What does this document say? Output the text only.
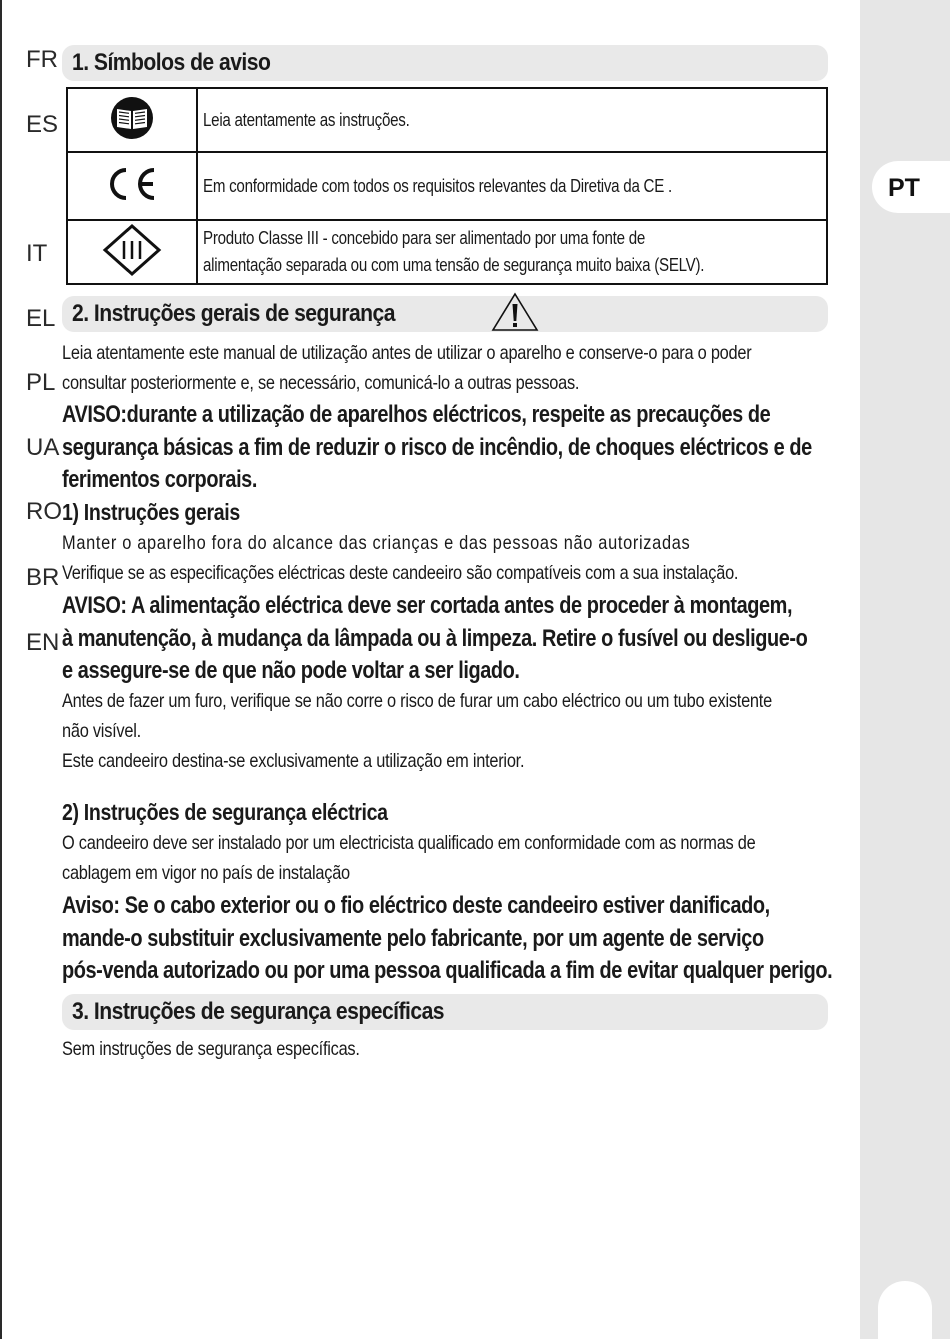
1. Símbolos de aviso

Leia atentamente as instruções.

Em conformidade com todos os requisitos relevantes da Diretiva da CE .

Produto Classe III - concebido para ser alimentado por uma fonte de
alimentação separada ou com uma tensão de segurança muito baixa (SELV).
2. Instruções gerais de segurança
Leia atentamente este manual de utilização antes de utilizar o aparelho e conserve-o para o poder
consultar posteriormente e, se necessário, comunicá-lo a outras pessoas.
AVISO:durante a utilização de aparelhos eléctricos, respeite as precauções de
segurança básicas a fim de reduzir o risco de incêndio, de choques eléctricos e de
ferimentos corporais.
1) Instruções gerais
Manter o aparelho fora do alcance das crianças e das pessoas não autorizadas
Verifique se as especificações eléctricas deste candeeiro são compatíveis com a sua instalação.
AVISO: A alimentação eléctrica deve ser cortada antes de proceder à montagem,
à manutenção, à mudança da lâmpada ou à limpeza. Retire o fusível ou desligue-o
e assegure-se de que não pode voltar a ser ligado.
Antes de fazer um furo, verifique se não corre o risco de furar um cabo eléctrico ou um tubo existente
não visível.
Este candeeiro destina-se exclusivamente a utilização em interior.
2) Instruções de segurança eléctrica
O candeeiro deve ser instalado por um electricista qualificado em conformidade com as normas de
cablagem em vigor no país de instalação
Aviso: Se o cabo exterior ou o fio eléctrico deste candeeiro estiver danificado,
mande-o substituir exclusivamente pelo fabricante, por um agente de serviço
pós-venda autorizado ou por uma pessoa qualificada a fim de evitar qualquer perigo.
3. Instruções de segurança específicas
Sem instruções de segurança específicas.
FR
ES
PT
IT
EL
PL
UA
RO
BR
EN
